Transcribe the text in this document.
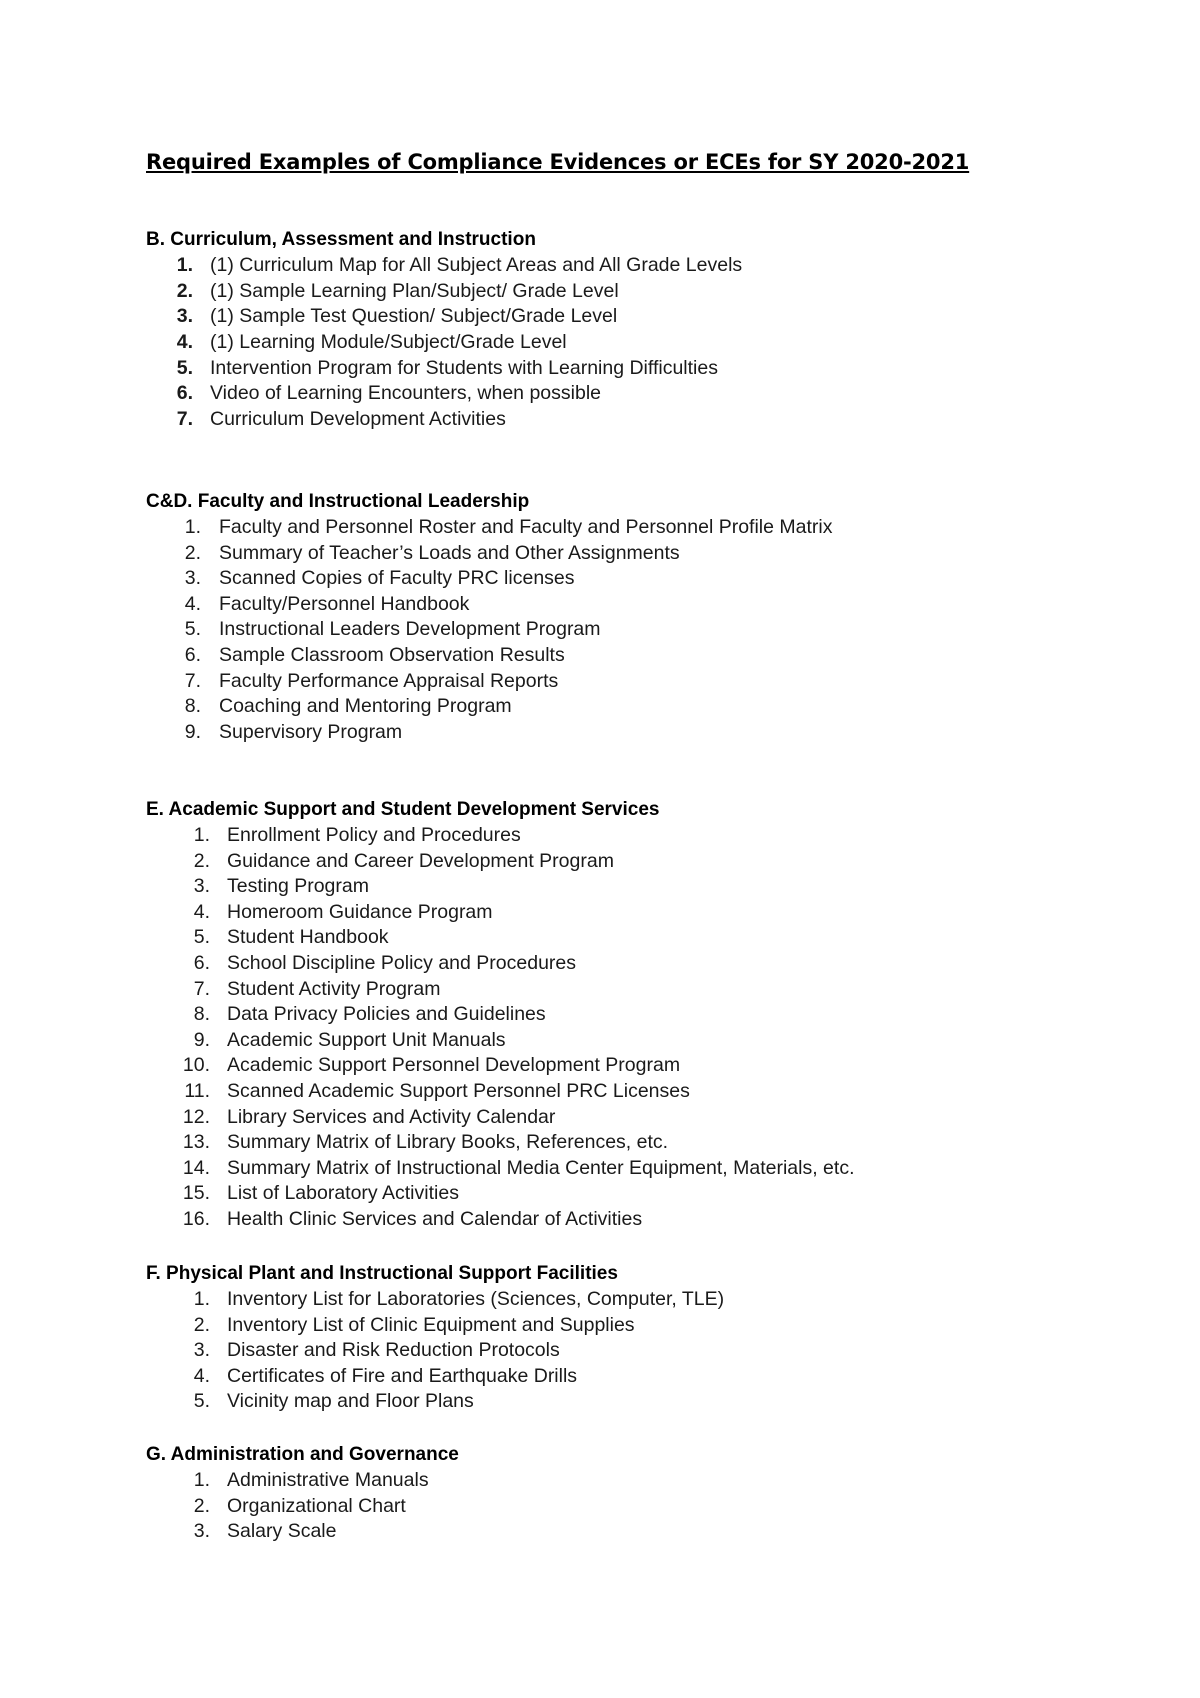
Required Examples of Compliance Evidences or ECEs for SY 2020-2021
B. Curriculum, Assessment and Instruction
1. (1) Curriculum Map for All Subject Areas and All Grade Levels
2. (1) Sample Learning Plan/Subject/ Grade Level
3. (1) Sample Test Question/ Subject/Grade Level
4. (1) Learning Module/Subject/Grade Level
5. Intervention Program for Students with Learning Difficulties
6. Video of Learning Encounters, when possible
7. Curriculum Development Activities
C&D. Faculty and Instructional Leadership
1. Faculty and Personnel Roster and Faculty and Personnel Profile Matrix
2. Summary of Teacher’s Loads and Other Assignments
3. Scanned Copies of Faculty PRC licenses
4. Faculty/Personnel Handbook
5. Instructional Leaders Development Program
6. Sample Classroom Observation Results
7. Faculty Performance Appraisal Reports
8. Coaching and Mentoring Program
9. Supervisory Program
E. Academic Support and Student Development Services
1. Enrollment Policy and Procedures
2. Guidance and Career Development Program
3. Testing Program
4. Homeroom Guidance Program
5. Student Handbook
6. School Discipline Policy and Procedures
7. Student Activity Program
8. Data Privacy Policies and Guidelines
9. Academic Support Unit Manuals
10. Academic Support Personnel Development Program
11. Scanned Academic Support Personnel PRC Licenses
12. Library Services and Activity Calendar
13. Summary Matrix of Library Books, References, etc.
14. Summary Matrix of Instructional Media Center Equipment, Materials, etc.
15. List of Laboratory Activities
16. Health Clinic Services and Calendar of Activities
F. Physical Plant and Instructional Support Facilities
1. Inventory List for Laboratories (Sciences, Computer, TLE)
2. Inventory List of Clinic Equipment and Supplies
3. Disaster and Risk Reduction Protocols
4. Certificates of Fire and Earthquake Drills
5. Vicinity map and Floor Plans
G. Administration and Governance
1. Administrative Manuals
2. Organizational Chart
3. Salary Scale
